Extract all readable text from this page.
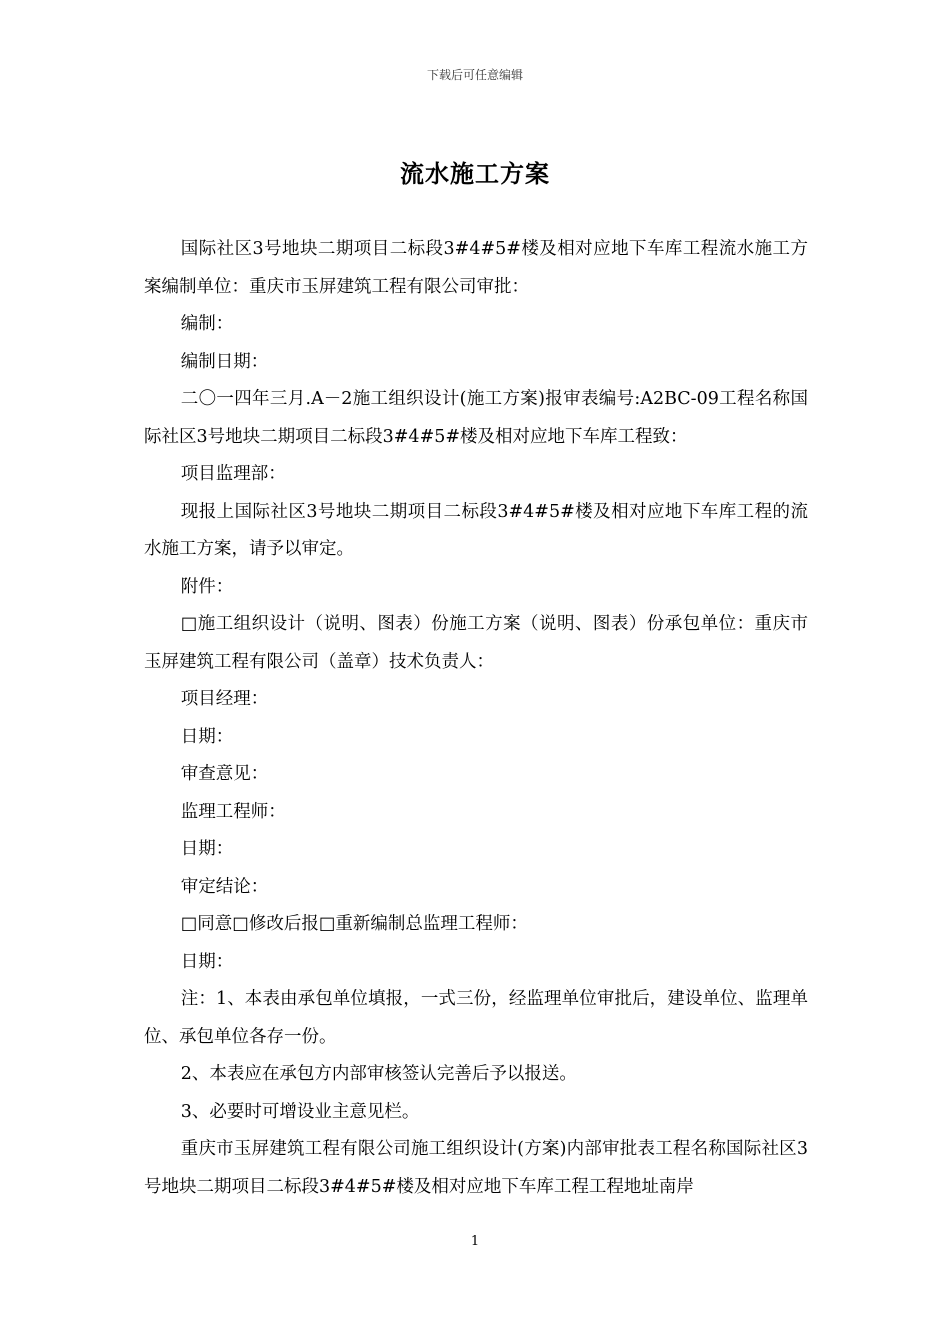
下载后可任意编辑
流水施工方案

国际社区3号地块二期项目二标段3#4#5#楼及相对应地下车库工程流水施工方案编制单位：重庆市玉屏建筑工程有限公司审批：

编制：

编制日期：

二〇一四年三月.A－2施工组织设计(施工方案)报审表编号:A2BC-09工程名称国际社区3号地块二期项目二标段3#4#5#楼及相对应地下车库工程致：

项目监理部：

现报上国际社区3号地块二期项目二标段3#4#5#楼及相对应地下车库工程的流水施工方案，请予以审定。

附件：

□施工组织设计（说明、图表）份施工方案（说明、图表）份承包单位：重庆市玉屏建筑工程有限公司（盖章）技术负责人：

项目经理：

日期：

审查意见：

监理工程师：

日期：

审定结论：

□同意□修改后报□重新编制总监理工程师：

日期：

注：1、本表由承包单位填报，一式三份，经监理单位审批后，建设单位、监理单位、承包单位各存一份。

2、本表应在承包方内部审核签认完善后予以报送。

3、必要时可增设业主意见栏。

重庆市玉屏建筑工程有限公司施工组织设计(方案)内部审批表工程名称国际社区3号地块二期项目二标段3#4#5#楼及相对应地下车库工程工程地址南岸

1
